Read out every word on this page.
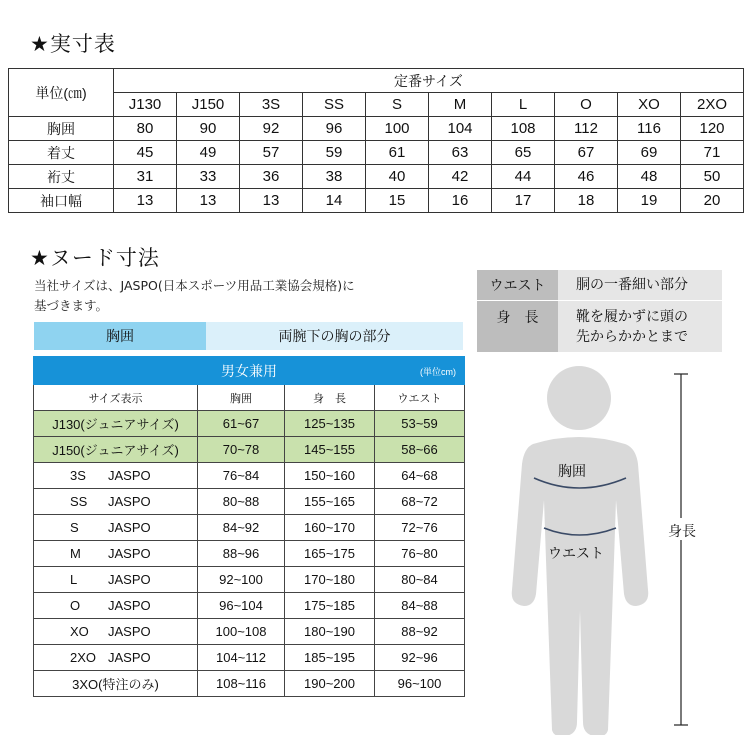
★実寸表
単位(㎝)	定番サイズ									
	J130	J150	3S	SS	S	M	L	O	XO	2XO
胸囲	80	90	92	96	100	104	108	112	116	120
着丈	45	49	57	59	61	63	65	67	69	71
裄丈	31	33	36	38	40	42	44	46	48	50
袖口幅	13	13	13	14	15	16	17	18	19	20
★ヌード寸法
当社サイズは、JASPO(日本スポーツ用品工業協会規格)に
基づきます。
胸囲	両腕下の胸の部分
ウエスト	胴の一番細い部分
身　長	靴を履かずに頭の
先からかかとまで
男女兼用 (単位cm)			

サイズ表示	胸囲	身　長	ウエスト
J130(ジュニアサイズ)	61~67	125~135	53~59
J150(ジュニアサイズ)	70~78	145~155	58~66
3S JASPO	76~84	150~160	64~68
SS JASPO	80~88	155~165	68~72
S JASPO	84~92	160~170	72~76
M JASPO	88~96	165~175	76~80
L JASPO	92~100	170~180	80~84
O JASPO	96~104	175~185	84~88
XO JASPO	100~108	180~190	88~92
2XO JASPO	104~112	185~195	92~96
3XO(特注のみ)	108~116	190~200	96~100
胸囲
ウエスト
身長
